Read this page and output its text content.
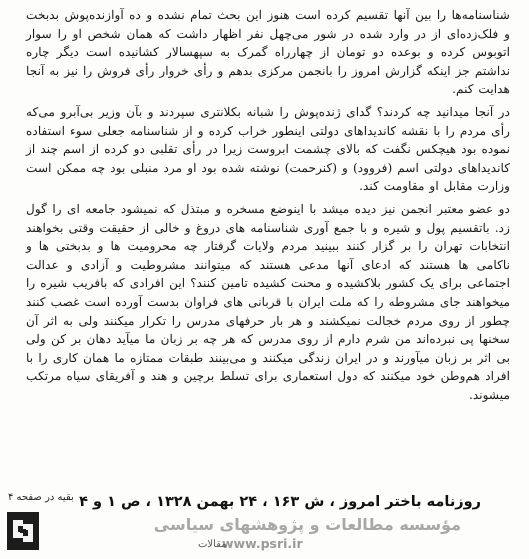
شناسنامه‌ها را بین آنها تقسیم کرده است هنوز این بحث تمام نشده و ده آوازنده‌پوش بدبخت و فلک‌زده‌ای از در وارد شده در شور می‌چهل نفر اظهار داشت که همان شخص او را سوار اتوبوس کرده و بوعده دو تومان از چهارراه گمرک به سپهسالار کشانیده است دیگر چاره نداشتم جز اینکه گزارش امروز را بانجمن مرکزی بدهم و رأی خروار رأی فروش را نیز به آنجا هدایت کنم.

در آنجا میدانید چه کردند؟ گدای ژنده‌پوش را شبانه بکلانتری سپردند و بآن وزیر بی‌آبرو می‌که رأی مردم را با نقشه کاندیداهای دولتی اینطور خراب کرده و از شناسنامه جعلی سوء استفاده نموده بود هیچکس نگفت که بالای چشمت ابروست زیرا در رأی تقلبی دو کرده از اسم چند از کاندیداهای دولتی اسم (فروود) و (کنرحمت) نوشته شده بود او مرد منبلی بود چه ممکن است وزارت مقابل او مقاومت کند.

دو عضو معتبر انجمن نیز دیده میشد با اینوضع مسخره و مبتذل که نمیشود جامعه ای را گول زد. باتقسیم پول و شیره و با جمع آوری شناسنامه های دروغ و خالی از حقیقت وقتی بخواهند انتخابات تهران را بر گزار کنند ببینید مردم ولایات گرفتار چه محرومیت ها و بدبختی ها و ناکامی ها هستند که ادعای آنها مدعی هستند که میتوانند مشروطیت و آزادی و عدالت اجتماعی برای یک کشور بلاکشیده و محنت کشیده تامین کنند؟ این افرادی که بافریب شیره را میخواهند جای مشروطه را که ملت ایران با قربانی های فراوان بدست آورده است غصب کنند چطور از روی مردم خجالت نمیکشند و هر بار حرفهای مدرس را تکرار میکنند ولی به اثر آن سخنها پی نبرده‌اند من شرم دارم از روی مدرس که هر چه بر زبان ما میآید دهان بر کن ولی بی اثر بر زبان میآورند و در ایران زندگی میکنند و می‌بینند طبقات ممتازه ما همان کاری را با افراد هم‌وطن خود میکنند که دول استعماری برای تسلط برچین و هند و آفریقای سیاه مرتکب میشوند.

بقیه در صفحه ۴ روزنامه باختر امروز ، ش ۱۶۳ ، ۲۴ بهمن ۱۳۲۸ ، ص ۱ و ۴
مؤسسه مطالعات و پژوهشهای سیاسی
www.psri.ir
مقالات
